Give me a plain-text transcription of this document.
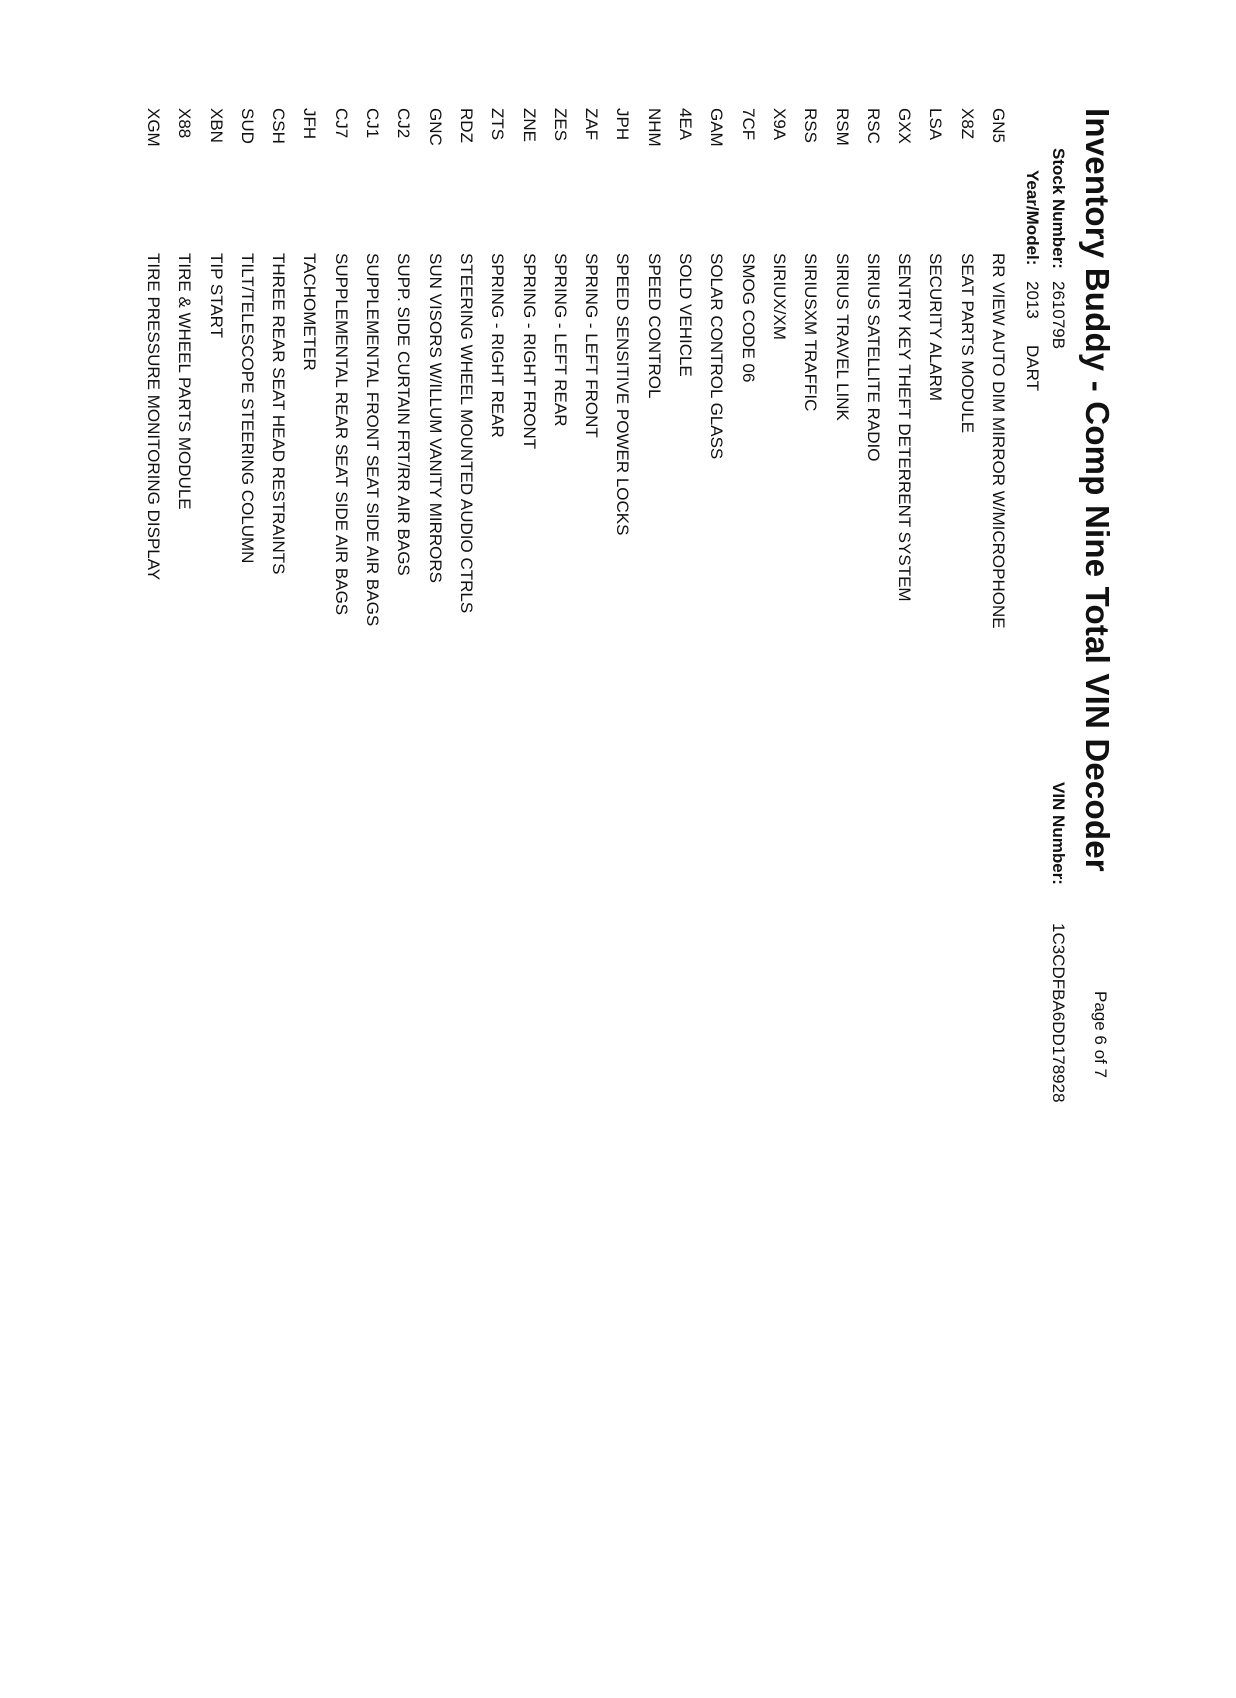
Inventory Buddy - Comp Nine Total VIN Decoder
Page 6 of 7
Stock Number:
261079B
VIN Number:
1C3CDFBA6DD178928
Year/Model:
2013
DART
GN5
RR VIEW AUTO DIM MIRROR W/MICROPHONE
X8Z
SEAT PARTS MODULE
LSA
SECURITY ALARM
GXX
SENTRY KEY THEFT DETERRENT SYSTEM
RSC
SIRIUS SATELLITE RADIO
RSM
SIRIUS TRAVEL LINK
RSS
SIRIUSXM TRAFFIC
X9A
SIRIUX/XM
7CF
SMOG CODE 06
GAM
SOLAR CONTROL GLASS
4EA
SOLD VEHICLE
NHM
SPEED CONTROL
JPH
SPEED SENSITIVE POWER LOCKS
ZAF
SPRING - LEFT FRONT
ZES
SPRING - LEFT REAR
ZNE
SPRING - RIGHT FRONT
ZTS
SPRING - RIGHT REAR
RDZ
STEERING WHEEL MOUNTED AUDIO CTRLS
GNC
SUN VISORS W/ILLUM VANITY MIRRORS
CJ2
SUPP. SIDE CURTAIN FRT/RR AIR BAGS
CJ1
SUPPLEMENTAL FRONT SEAT SIDE AIR BAGS
CJ7
SUPPLEMENTAL REAR SEAT SIDE AIR BAGS
JFH
TACHOMETER
CSH
THREE REAR SEAT HEAD RESTRAINTS
SUD
TILT/TELESCOPE STEERING COLUMN
XBN
TIP START
X88
TIRE & WHEEL PARTS MODULE
XGM
TIRE PRESSURE MONITORING DISPLAY
